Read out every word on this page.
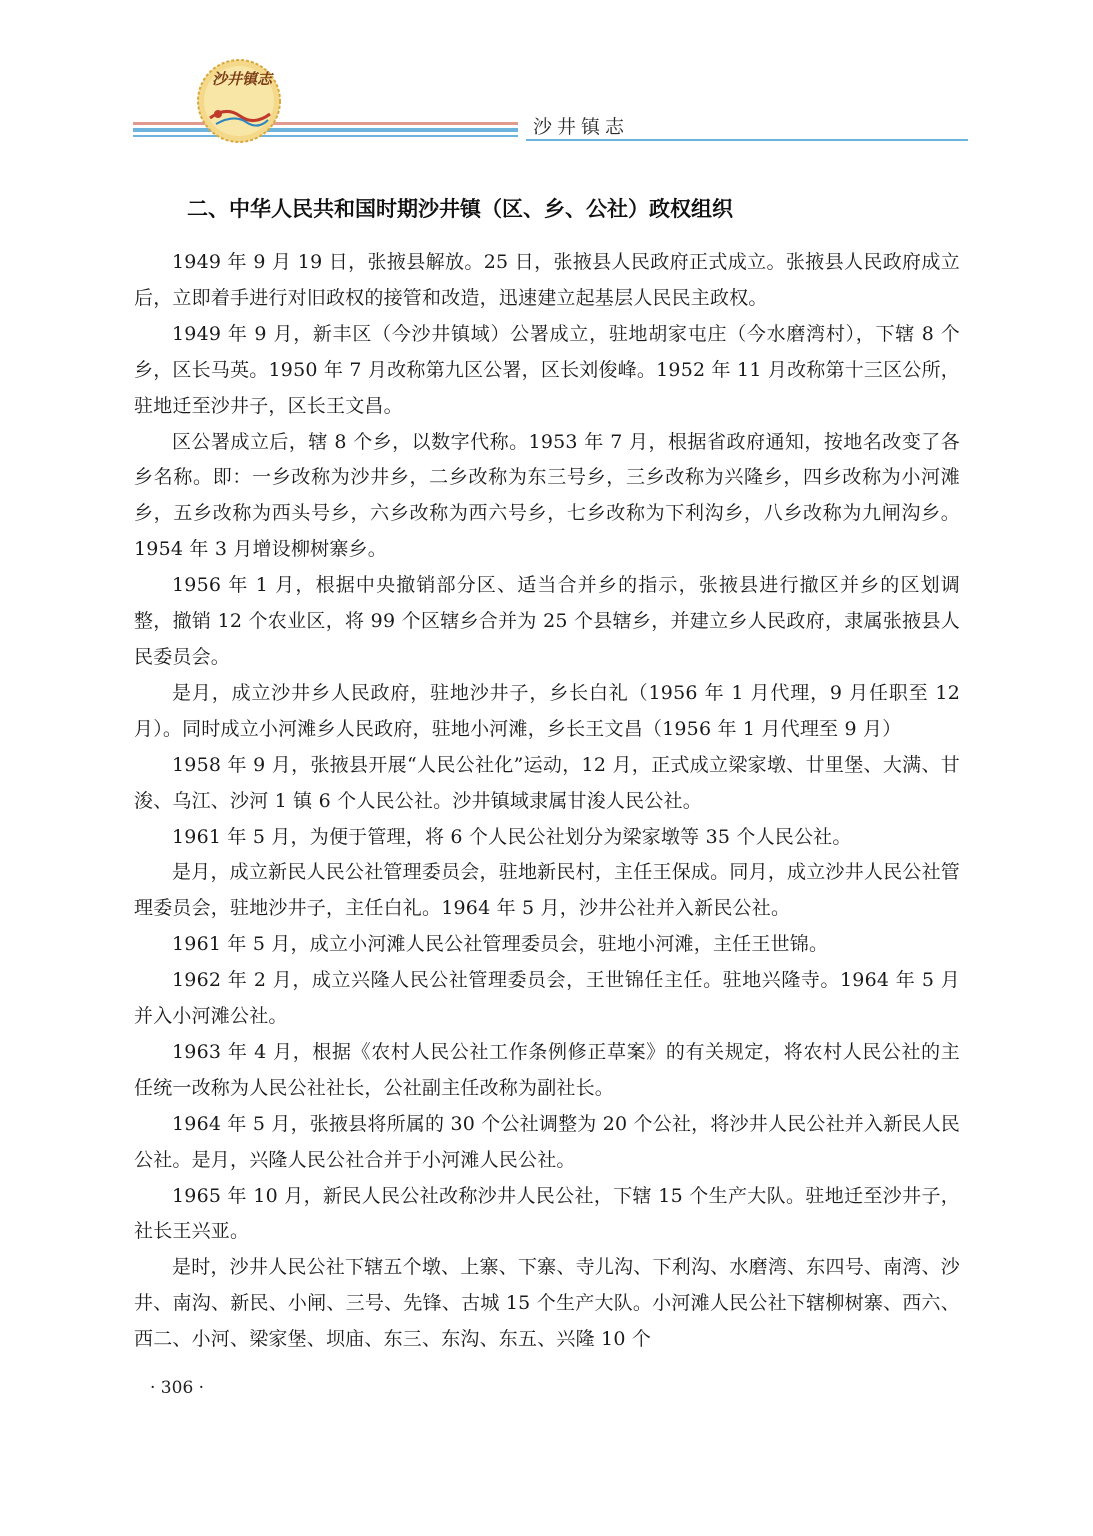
沙井镇志
沙井镇志
二、中华人民共和国时期沙井镇（区、乡、公社）政权组织

1949 年 9 月 19 日，张掖县解放。25 日，张掖县人民政府正式成立。张掖县人民政府成立后，立即着手进行对旧政权的接管和改造，迅速建立起基层人民民主政权。

1949 年 9 月，新丰区（今沙井镇域）公署成立，驻地胡家屯庄（今水磨湾村），下辖 8 个乡，区长马英。1950 年 7 月改称第九区公署，区长刘俊峰。1952 年 11 月改称第十三区公所，驻地迁至沙井子，区长王文昌。

区公署成立后，辖 8 个乡，以数字代称。1953 年 7 月，根据省政府通知，按地名改变了各乡名称。即：一乡改称为沙井乡，二乡改称为东三号乡，三乡改称为兴隆乡，四乡改称为小河滩乡，五乡改称为西头号乡，六乡改称为西六号乡，七乡改称为下利沟乡，八乡改称为九闸沟乡。1954 年 3 月增设柳树寨乡。

1956 年 1 月，根据中央撤销部分区、适当合并乡的指示，张掖县进行撤区并乡的区划调整，撤销 12 个农业区，将 99 个区辖乡合并为 25 个县辖乡，并建立乡人民政府，隶属张掖县人民委员会。

是月，成立沙井乡人民政府，驻地沙井子，乡长白礼（1956 年 1 月代理，9 月任职至 12 月）。同时成立小河滩乡人民政府，驻地小河滩，乡长王文昌（1956 年 1 月代理至 9 月）

1958 年 9 月，张掖县开展“人民公社化”运动，12 月，正式成立梁家墩、廿里堡、大满、甘浚、乌江、沙河 1 镇 6 个人民公社。沙井镇域隶属甘浚人民公社。

1961 年 5 月，为便于管理，将 6 个人民公社划分为梁家墩等 35 个人民公社。

是月，成立新民人民公社管理委员会，驻地新民村，主任王保成。同月，成立沙井人民公社管理委员会，驻地沙井子，主任白礼。1964 年 5 月，沙井公社并入新民公社。

1961 年 5 月，成立小河滩人民公社管理委员会，驻地小河滩，主任王世锦。

1962 年 2 月，成立兴隆人民公社管理委员会，王世锦任主任。驻地兴隆寺。1964 年 5 月并入小河滩公社。

1963 年 4 月，根据《农村人民公社工作条例修正草案》的有关规定，将农村人民公社的主任统一改称为人民公社社长，公社副主任改称为副社长。

1964 年 5 月，张掖县将所属的 30 个公社调整为 20 个公社，将沙井人民公社并入新民人民公社。是月，兴隆人民公社合并于小河滩人民公社。

1965 年 10 月，新民人民公社改称沙井人民公社，下辖 15 个生产大队。驻地迁至沙井子，社长王兴亚。

是时，沙井人民公社下辖五个墩、上寨、下寨、寺儿沟、下利沟、水磨湾、东四号、南湾、沙井、南沟、新民、小闸、三号、先锋、古城 15 个生产大队。小河滩人民公社下辖柳树寨、西六、西二、小河、梁家堡、坝庙、东三、东沟、东五、兴隆 10 个

· 306 ·
